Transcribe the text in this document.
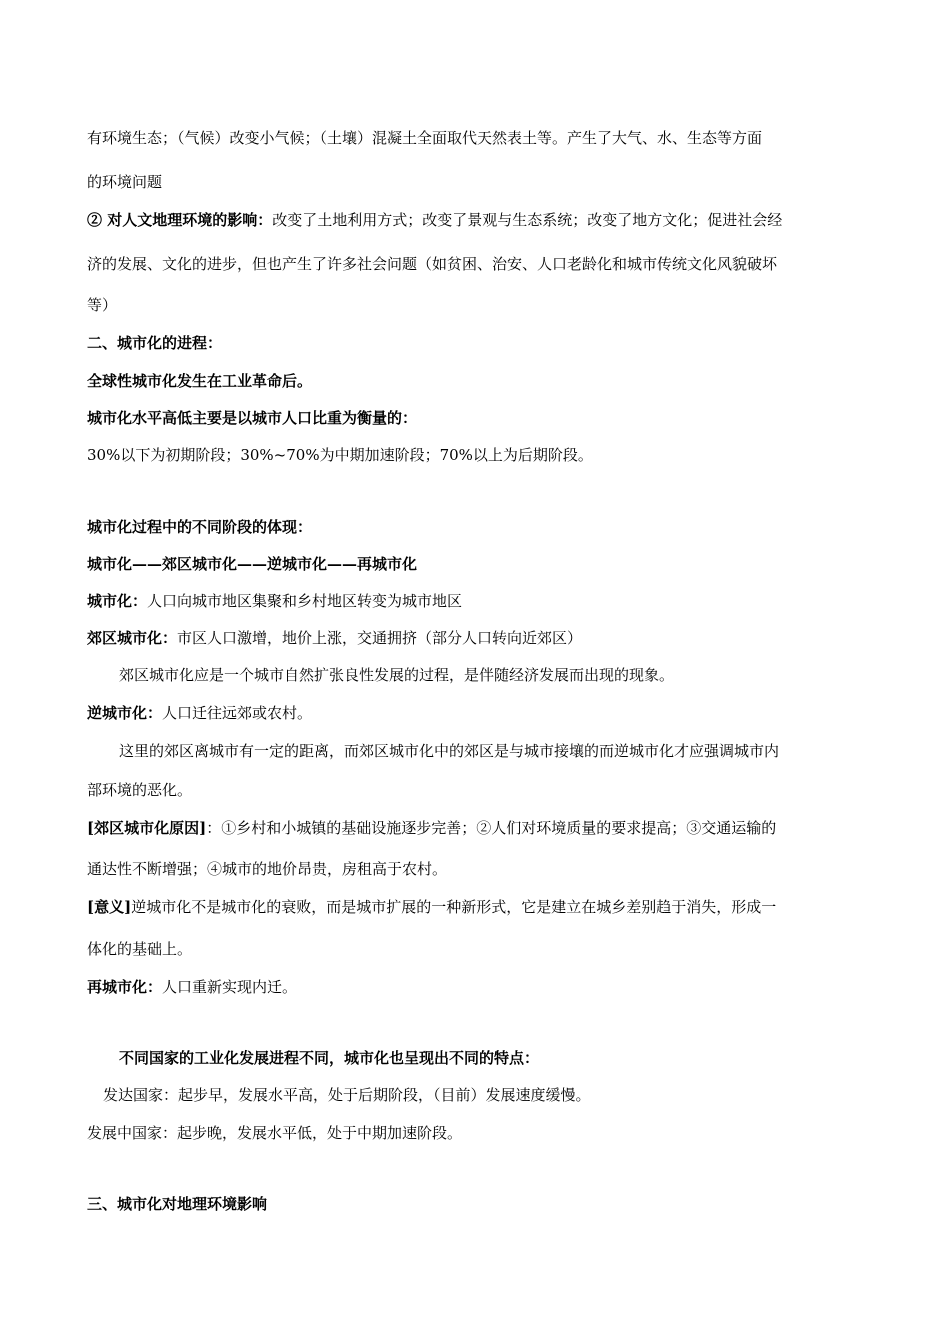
有环境生态；（气候）改变小气候；（土壤）混凝土全面取代天然表土等。产生了大气、水、生态等方面
的环境问题
② 对人文地理环境的影响：改变了土地利用方式；改变了景观与生态系统；改变了地方文化；促进社会经
济的发展、文化的进步，但也产生了许多社会问题（如贫困、治安、人口老龄化和城市传统文化风貌破坏
等）
二、城市化的进程：
全球性城市化发生在工业革命后。
城市化水平高低主要是以城市人口比重为衡量的：
30%以下为初期阶段；30%~70%为中期加速阶段；70%以上为后期阶段。
城市化过程中的不同阶段的体现：
城市化——郊区城市化——逆城市化——再城市化
城市化：人口向城市地区集聚和乡村地区转变为城市地区
郊区城市化：市区人口激增，地价上涨，交通拥挤（部分人口转向近郊区）
郊区城市化应是一个城市自然扩张良性发展的过程，是伴随经济发展而出现的现象。
逆城市化：人口迁往远郊或农村。
这里的郊区离城市有一定的距离，而郊区城市化中的郊区是与城市接壤的而逆城市化才应强调城市内
部环境的恶化。
[郊区城市化原因]：①乡村和小城镇的基础设施逐步完善；②人们对环境质量的要求提高；③交通运输的
通达性不断增强；④城市的地价昂贵，房租高于农村。
[意义]逆城市化不是城市化的衰败，而是城市扩展的一种新形式，它是建立在城乡差别趋于消失，形成一
体化的基础上。
再城市化：人口重新实现内迁。
不同国家的工业化发展进程不同，城市化也呈现出不同的特点：
发达国家：起步早，发展水平高，处于后期阶段，（目前）发展速度缓慢。
发展中国家：起步晚，发展水平低，处于中期加速阶段。
三、城市化对地理环境影响
